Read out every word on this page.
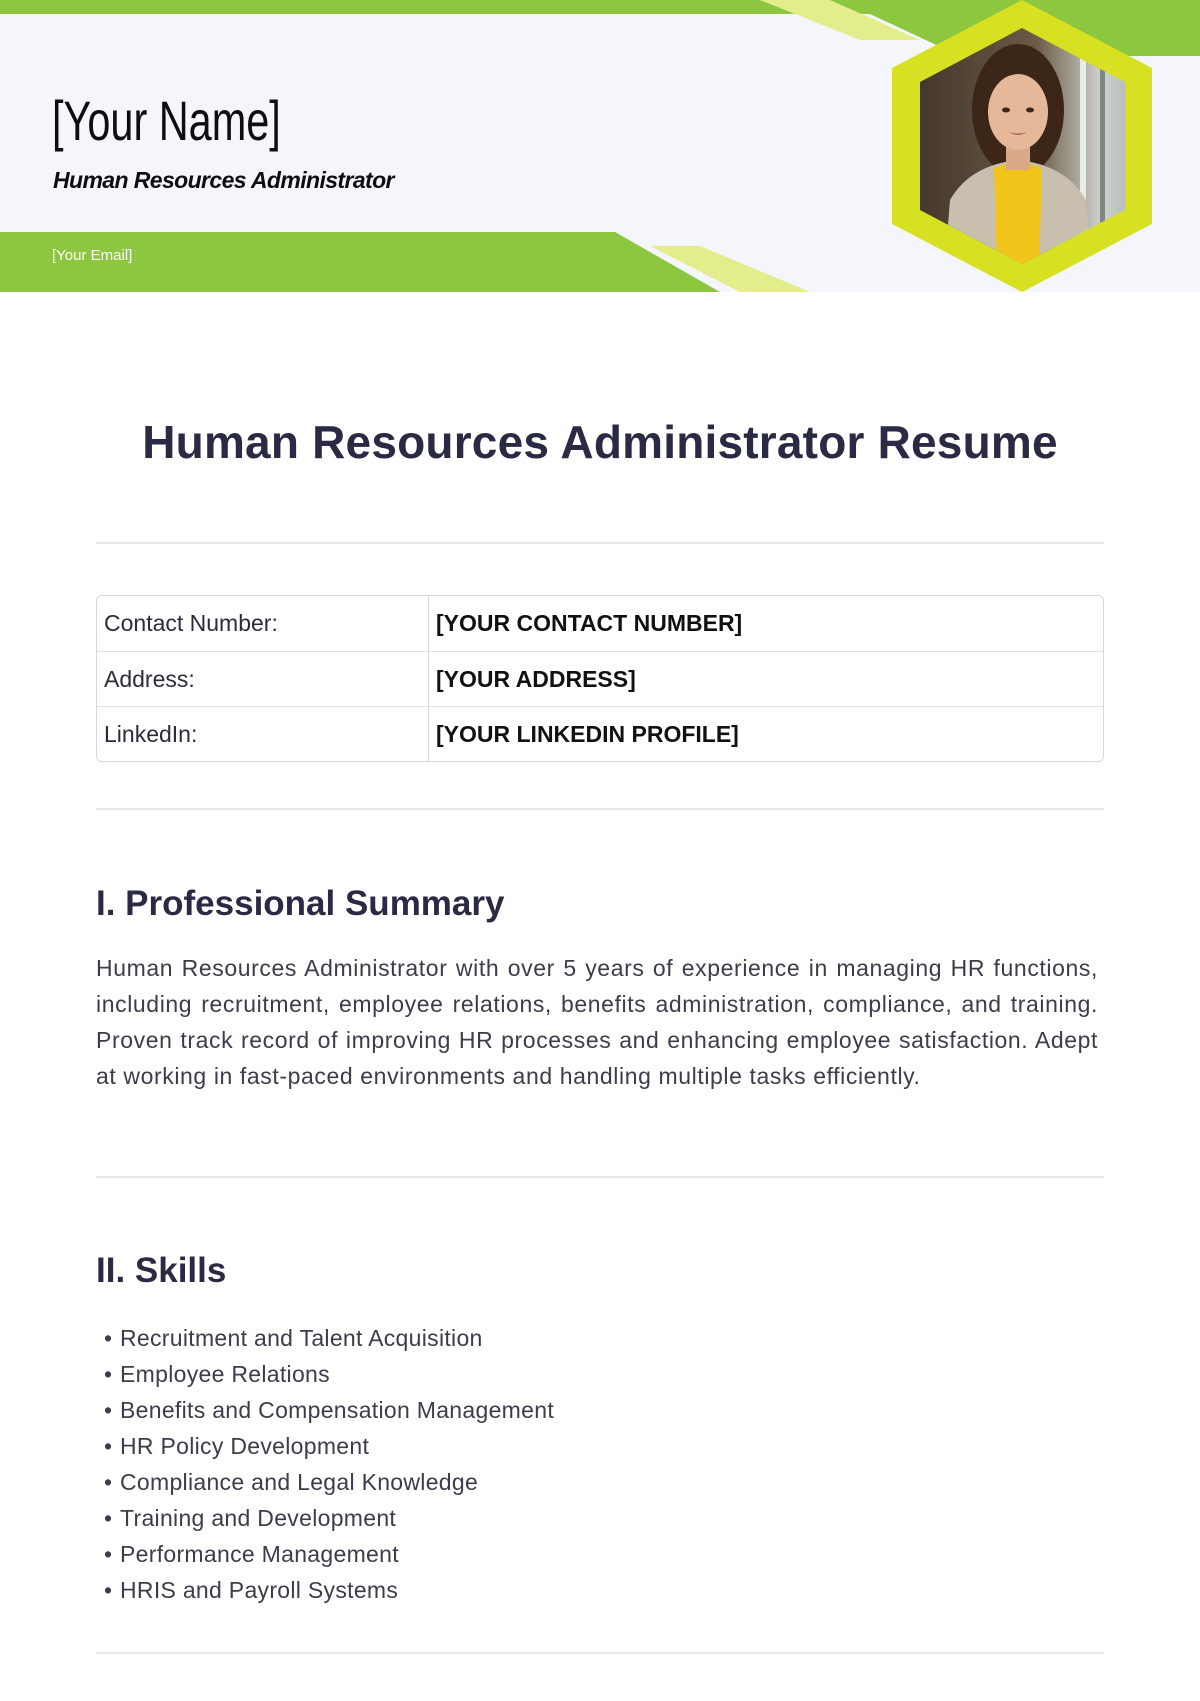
[Your Name]
Human Resources Administrator
[Your Email]
Human Resources Administrator Resume
Contact Number:	[YOUR CONTACT NUMBER]
Address:	[YOUR ADDRESS]
LinkedIn:	[YOUR LINKEDIN PROFILE]
I. Professional Summary

Human Resources Administrator with over 5 years of experience in managing HR functions, including recruitment, employee relations, benefits administration, compliance, and training. Proven track record of improving HR processes and enhancing employee satisfaction. Adept at working in fast-paced environments and handling multiple tasks efficiently.

II. Skills
• Recruitment and Talent Acquisition
• Employee Relations
• Benefits and Compensation Management
• HR Policy Development
• Compliance and Legal Knowledge
• Training and Development
• Performance Management
• HRIS and Payroll Systems
